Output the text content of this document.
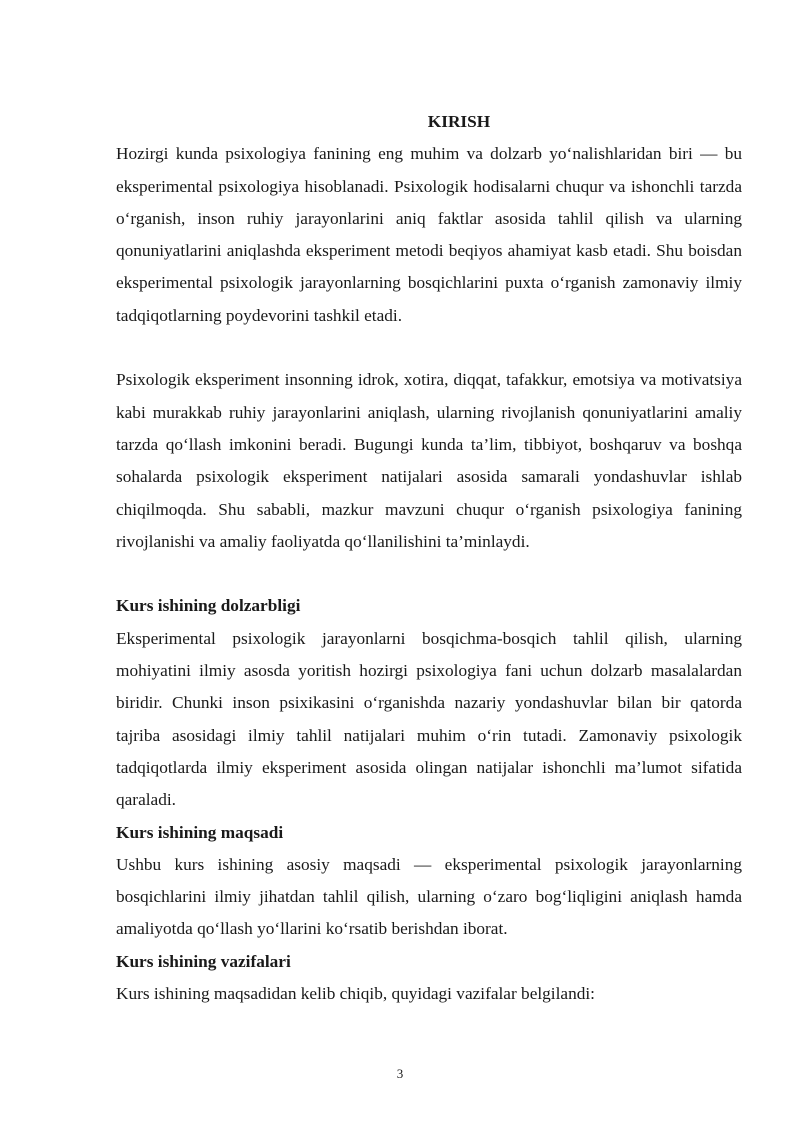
KIRISH

Hozirgi kunda psixologiya fanining eng muhim va dolzarb yo‘nalishlaridan biri — bu eksperimental psixologiya hisoblanadi. Psixologik hodisalarni chuqur va ishonchli tarzda o‘rganish, inson ruhiy jarayonlarini aniq faktlar asosida tahlil qilish va ularning qonuniyatlarini aniqlashda eksperiment metodi beqiyos ahamiyat kasb etadi. Shu boisdan eksperimental psixologik jarayonlarning bosqichlarini puxta o‘rganish zamonaviy ilmiy tadqiqotlarning poydevorini tashkil etadi.

Psixologik eksperiment insonning idrok, xotira, diqqat, tafakkur, emotsiya va motivatsiya kabi murakkab ruhiy jarayonlarini aniqlash, ularning rivojlanish qonuniyatlarini amaliy tarzda qo‘llash imkonini beradi. Bugungi kunda ta’lim, tibbiyot, boshqaruv va boshqa sohalarda psixologik eksperiment natijalari asosida samarali yondashuvlar ishlab chiqilmoqda. Shu sababli, mazkur mavzuni chuqur o‘rganish psixologiya fanining rivojlanishi va amaliy faoliyatda qo‘llanilishini ta’minlaydi.

Kurs ishining dolzarbligi

Eksperimental psixologik jarayonlarni bosqichma-bosqich tahlil qilish, ularning mohiyatini ilmiy asosda yoritish hozirgi psixologiya fani uchun dolzarb masalalardan biridir. Chunki inson psixikasini o‘rganishda nazariy yondashuvlar bilan bir qatorda tajriba asosidagi ilmiy tahlil natijalari muhim o‘rin tutadi. Zamonaviy psixologik tadqiqotlarda ilmiy eksperiment asosida olingan natijalar ishonchli ma’lumot sifatida qaraladi.

Kurs ishining maqsadi

Ushbu kurs ishining asosiy maqsadi — eksperimental psixologik jarayonlarning bosqichlarini ilmiy jihatdan tahlil qilish, ularning o‘zaro bog‘liqligini aniqlash hamda amaliyotda qo‘llash yo‘llarini ko‘rsatib berishdan iborat.

Kurs ishining vazifalari

Kurs ishining maqsadidan kelib chiqib, quyidagi vazifalar belgilandi:

3
